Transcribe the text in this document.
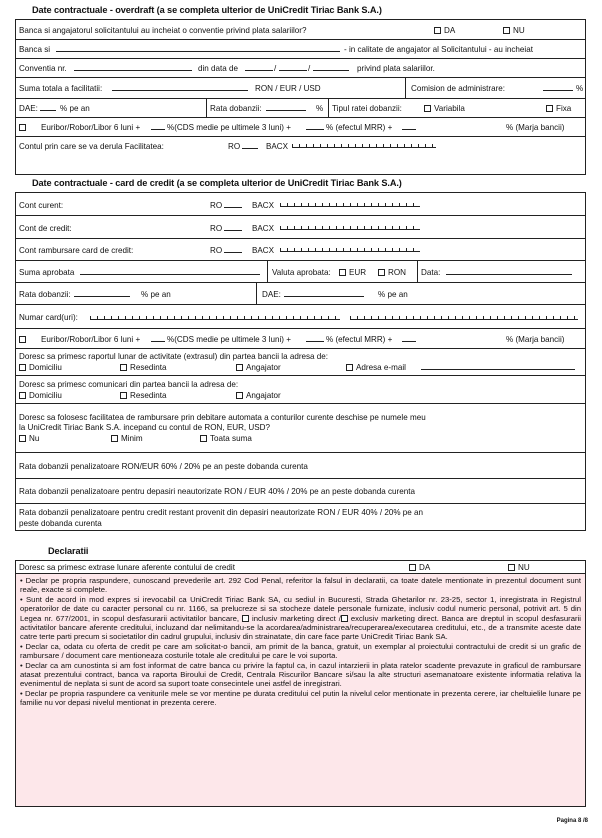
Date contractuale - overdraft (a se completa ulterior de UniCredit Tiriac Bank S.A.)
Banca si angajatorul solicitantului au incheiat o conventie privind plata salariilor?	DA	NU
Banca si	- in calitate de angajator al Solicitantului - au incheiat
Conventia nr.	din data de	/	/	privind plata salariilor.
Suma totala a facilitatii:	RON / EUR / USD	Comision de administrare:	%
DAE:	% pe an	Rata dobanzii:	% Tipul ratei dobanzii:	Variabila	Fixa
Euribor/Robor/Libor 6 luni +	%(CDS medie pe ultimele 3 luni) +	% (efectul MRR) +	% (Marja bancii)
Contul prin care se va derula Facilitatea:	RO	BACX
Date contractuale - card de credit (a se completa ulterior de UniCredit Tiriac Bank S.A.)
Cont curent:	RO	BACX
Cont de credit:	RO	BACX
Cont rambursare card de credit:	RO	BACX
Suma aprobata	Valuta aprobata:	EUR	RON Data:
Rata dobanzii:	% pe an	DAE:	% pe an
Numar card(uri):
Euribor/Robor/Libor 6 luni +	%(CDS medie pe ultimele 3 luni) +	% (efectul MRR) +	% (Marja bancii)
Doresc sa primesc raportul lunar de activitate (extrasul) din partea bancii la adresa de:
Domiciliu	Resedinta	Angajator	Adresa e-mail
Doresc sa primesc comunicari din partea bancii la adresa de:
Domiciliu	Resedinta	Angajator
Doresc sa folosesc facilitatea de rambursare prin debitare automata a conturilor curente deschise pe numele meu
la UniCredit Tiriac Bank S.A. incepand cu contul de RON, EUR, USD?
Nu	Minim	Toata suma
Rata dobanzii penalizatoare RON/EUR 60% / 20% pe an peste dobanda curenta
Rata dobanzii penalizatoare pentru depasiri neautorizate RON / EUR 40% / 20% pe an peste dobanda curenta
Rata dobanzii penalizatoare pentru credit restant provenit din depasiri neautorizate RON / EUR 40% / 20% pe an
peste dobanda curenta
Declaratii
Doresc sa primesc extrase lunare aferente contului de credit	DA	NU

• Declar pe propria raspundere, cunoscand prevederile art. 292 Cod Penal, referitor la falsul in declaratii, ca toate datele mentionate in prezentul document sunt reale, exacte si complete.

• Sunt de acord in mod expres si irevocabil ca UniCredit Tiriac Bank SA, cu sediul in Bucuresti, Strada Ghetarilor nr. 23-25, sector 1, inregistrata in Registrul operatorilor de date cu caracter personal cu nr. 1166, sa prelucreze si sa stocheze datele personale furnizate, inclusiv codul numeric personal, potrivit art. 5 din Legea nr. 677/2001, in scopul desfasurarii activitatilor bancare, inclusiv marketing direct / exclusiv marketing direct. Banca are dreptul in scopul desfasurarii activitatilor bancare aferente creditului, incluzand dar nelimitandu-se la acordarea/administrarea/recuperarea/executarea creditului, etc., de a transmite aceste date catre terte parti precum si societatilor din cadrul grupului, inclusiv din strainatate, din care face parte UniCredit Tiriac Bank SA.

• Declar ca, odata cu oferta de credit pe care am solicitat-o bancii, am primit de la banca, gratuit, un exemplar al proiectului contractului de credit si un grafic de rambursare / document care mentioneaza costurile totale ale creditului pe care le voi suporta.

• Declar ca am cunostinta si am fost informat de catre banca cu privire la faptul ca, in cazul intarzierii in plata ratelor scadente prevazute in graficul de rambursare atasat prezentului contract, banca va raporta Biroului de Credit, Centrala Riscurilor Bancare si/sau la alte structuri asemanatoare existente informatia relativa la evenimentul de neplata si sunt de acord sa suport toate consecintele unei astfel de inregistrari.

• Declar pe propria raspundere ca veniturile mele se vor mentine pe durata creditului cel putin la nivelul celor mentionate in prezenta cerere, iar cheltuielile lunare pe familie nu vor depasi nivelul mentionat in prezenta cerere.

Pagina 8 /8
